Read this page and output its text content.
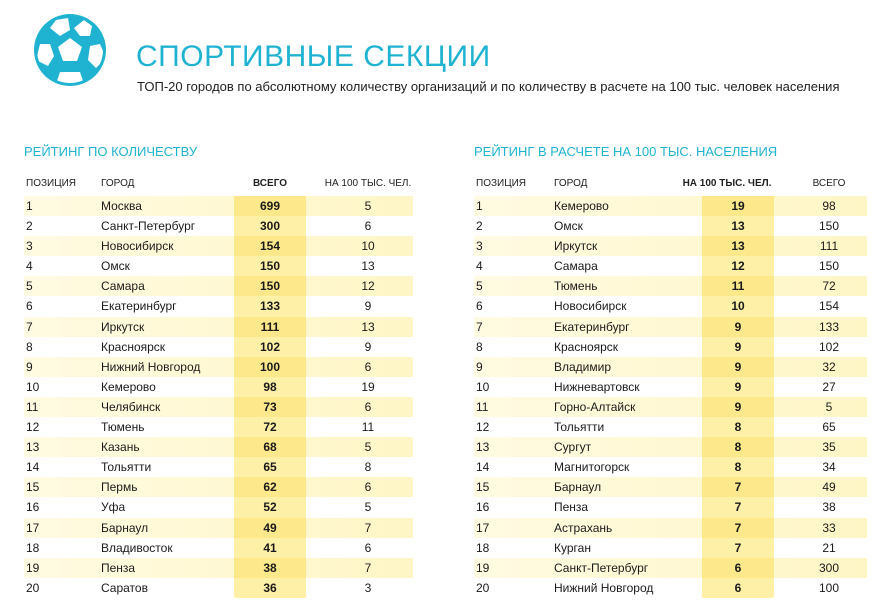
СПОРТИВНЫЕ СЕКЦИИ
ТОП-20 городов по абсолютному количеству организаций и по количеству в расчете на 100 тыс. человек населения
РЕЙТИНГ ПО КОЛИЧЕСТВУ	РЕЙТИНГ В РАСЧЕТЕ НА 100 ТЫС. НАСЕЛЕНИЯ
ПОЗИЦИЯ	ГОРОД	ВСЕГО	НА 100 ТЫС. ЧЕЛ.
1	Москва	699	5
2	Санкт-Петербург	300	6
3	Новосибирск	154	10
4	Омск	150	13
5	Самара	150	12
6	Екатеринбург	133	9
7	Иркутск	111	13
8	Красноярск	102	9
9	Нижний Новгород	100	6
10	Кемерово	98	19
11	Челябинск	73	6
12	Тюмень	72	11
13	Казань	68	5
14	Тольятти	65	8
15	Пермь	62	6
16	Уфа	52	5
17	Барнаул	49	7
18	Владивосток	41	6
19	Пенза	38	7
20	Саратов	36	3
ПОЗИЦИЯ	ГОРОД	НА 100 ТЫС. ЧЕЛ.	ВСЕГО
1	Кемерово	19	98
2	Омск	13	150
3	Иркутск	13	111
4	Самара	12	150
5	Тюмень	11	72
6	Новосибирск	10	154
7	Екатеринбург	9	133
8	Красноярск	9	102
9	Владимир	9	32
10	Нижневартовск	9	27
11	Горно-Алтайск	9	5
12	Тольятти	8	65
13	Сургут	8	35
14	Магнитогорск	8	34
15	Барнаул	7	49
16	Пенза	7	38
17	Астрахань	7	33
18	Курган	7	21
19	Санкт-Петербург	6	300
20	Нижний Новгород	6	100
